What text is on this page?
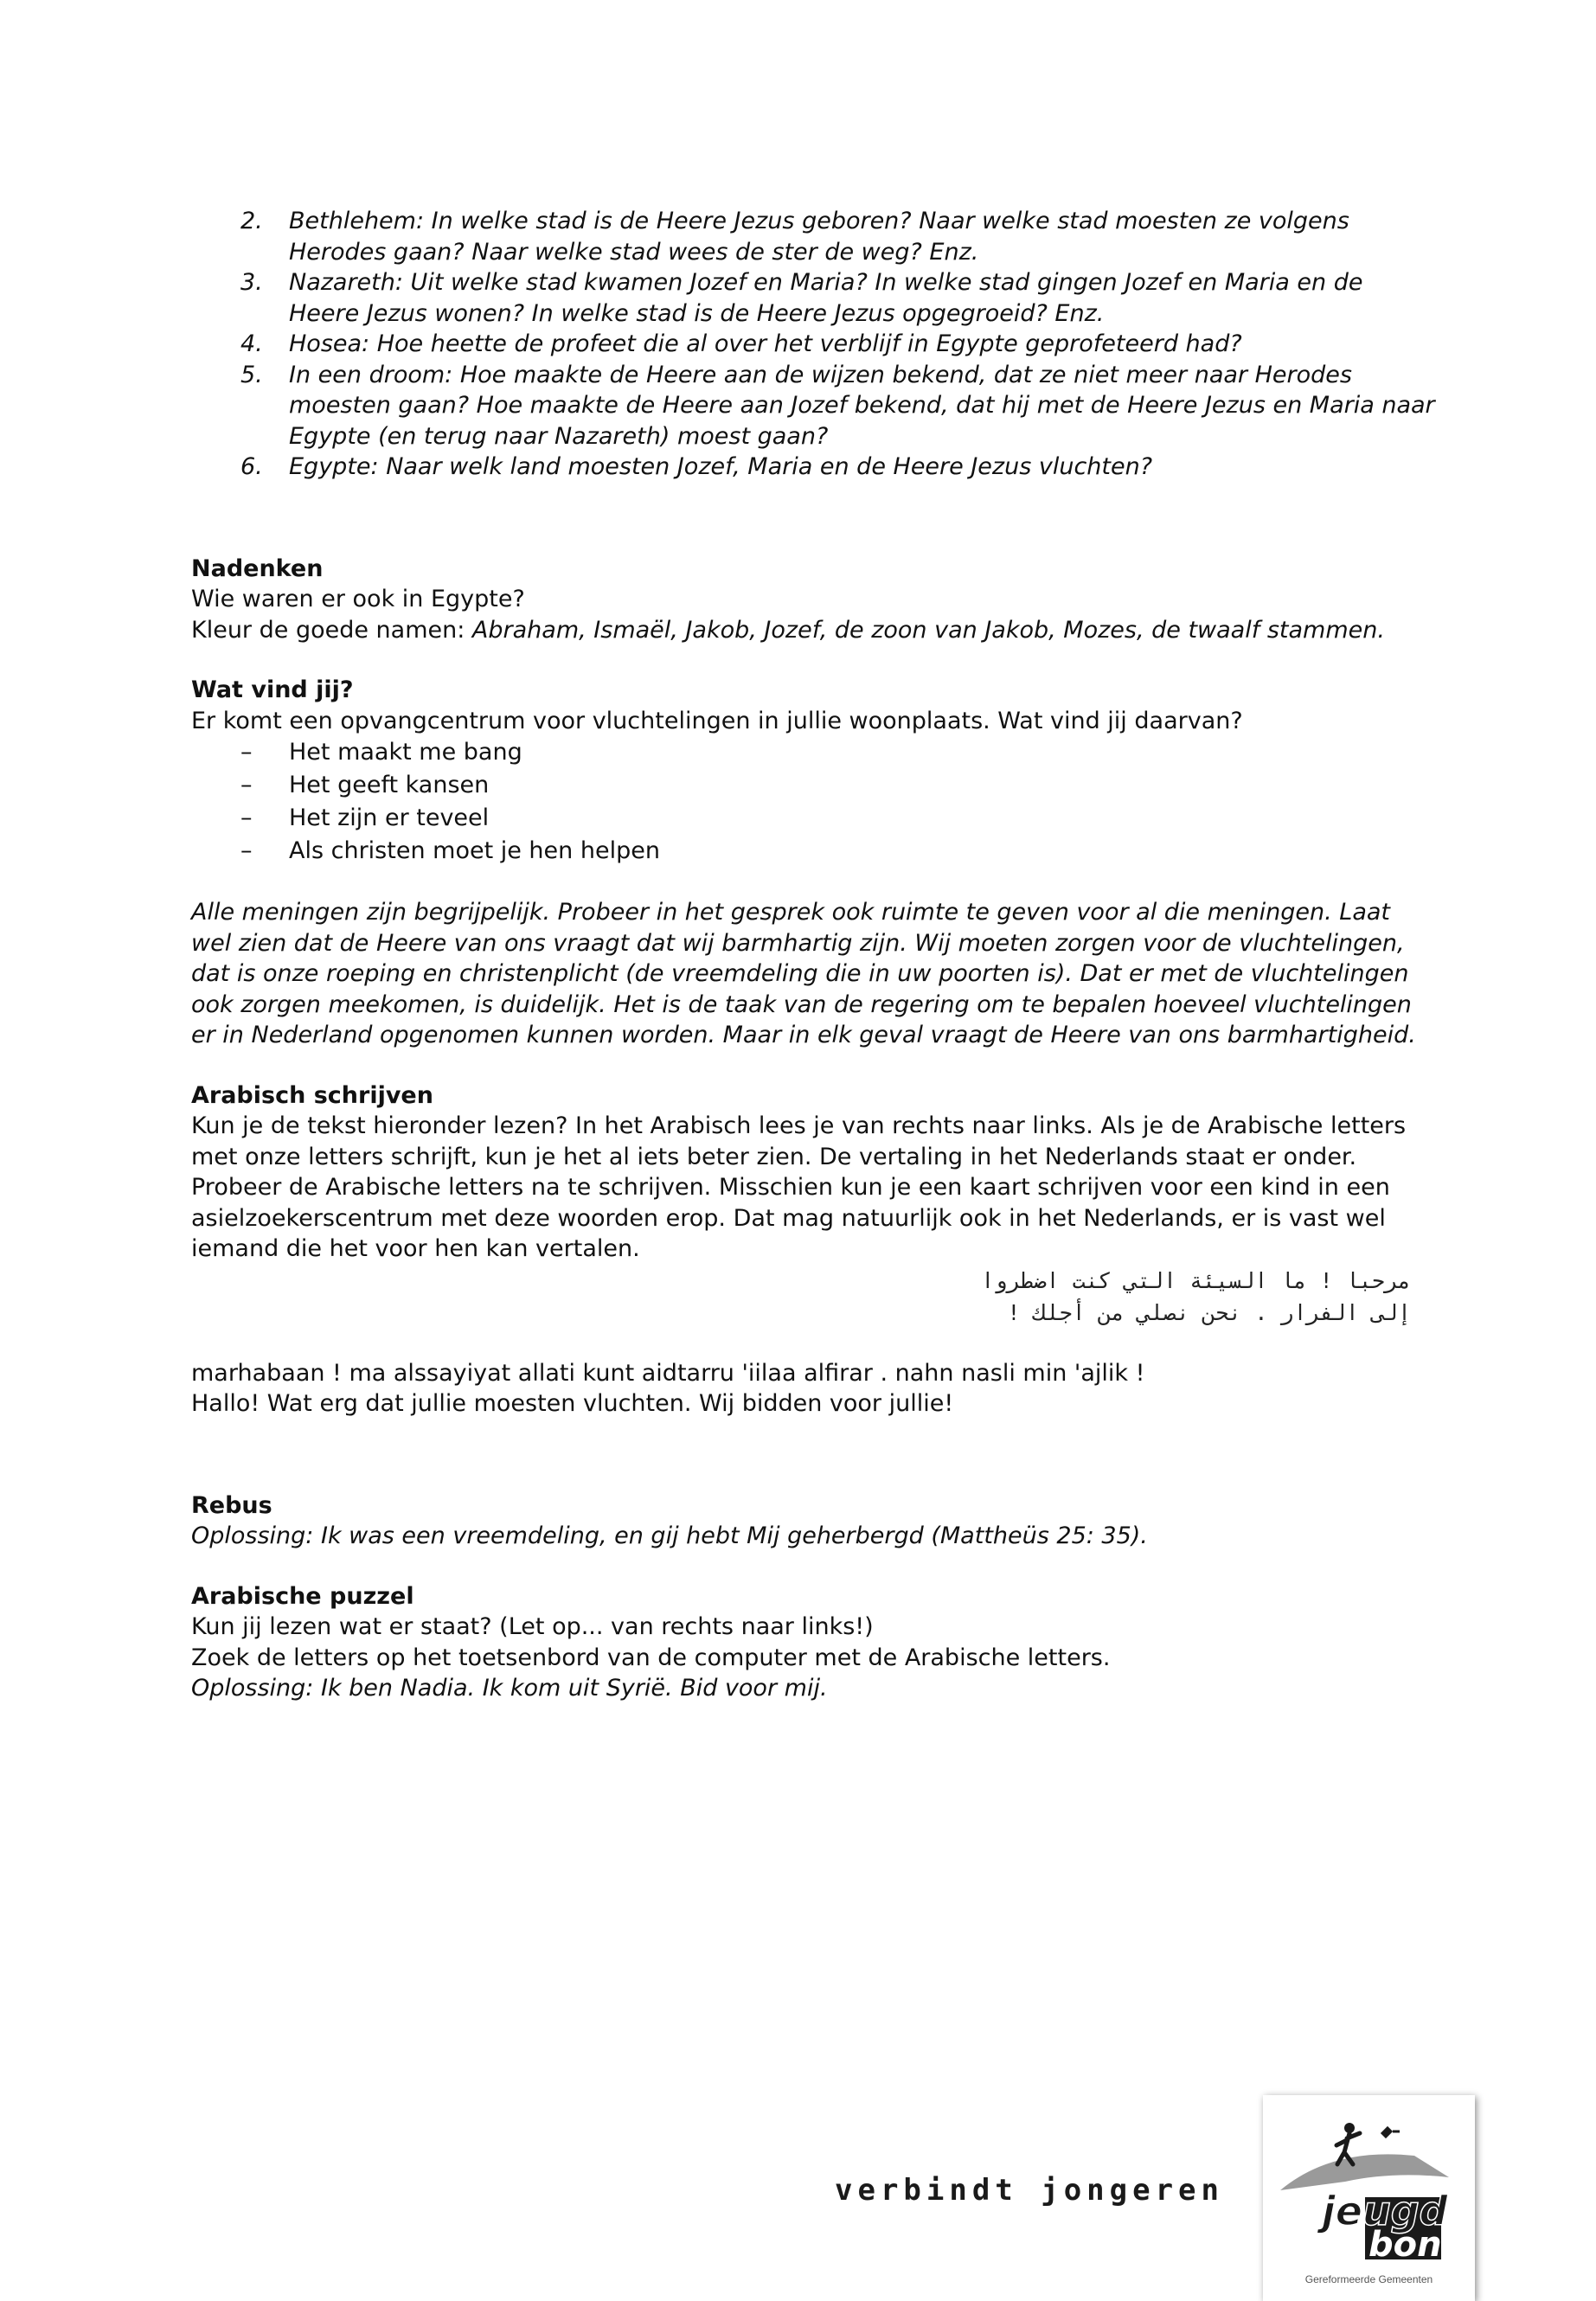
2. Bethlehem: In welke stad is de Heere Jezus geboren? Naar welke stad moesten ze volgens Herodes gaan? Naar welke stad wees de ster de weg? Enz.
3. Nazareth: Uit welke stad kwamen Jozef en Maria? In welke stad gingen Jozef en Maria en de Heere Jezus wonen? In welke stad is de Heere Jezus opgegroeid? Enz.
4. Hosea: Hoe heette de profeet die al over het verblijf in Egypte geprofeteerd had?
5. In een droom: Hoe maakte de Heere aan de wijzen bekend, dat ze niet meer naar Herodes moesten gaan? Hoe maakte de Heere aan Jozef bekend, dat hij met de Heere Jezus en Maria naar Egypte (en terug naar Nazareth) moest gaan?
6. Egypte: Naar welk land moesten Jozef, Maria en de Heere Jezus vluchten?
Nadenken
Wie waren er ook in Egypte?
Kleur de goede namen: Abraham, Ismaël, Jakob, Jozef, de zoon van Jakob, Mozes, de twaalf stammen.
Wat vind jij?
Er komt een opvangcentrum voor vluchtelingen in jullie woonplaats. Wat vind jij daarvan?
– Het maakt me bang
– Het geeft kansen
– Het zijn er teveel
– Als christen moet je hen helpen
Alle meningen zijn begrijpelijk. Probeer in het gesprek ook ruimte te geven voor al die meningen. Laat wel zien dat de Heere van ons vraagt dat wij barmhartig zijn. Wij moeten zorgen voor de vluchtelingen, dat is onze roeping en christenplicht (de vreemdeling die in uw poorten is). Dat er met de vluchtelingen ook zorgen meekomen, is duidelijk. Het is de taak van de regering om te bepalen hoeveel vluchtelingen er in Nederland opgenomen kunnen worden. Maar in elk geval vraagt de Heere van ons barmhartigheid.
Arabisch schrijven
Kun je de tekst hieronder lezen? In het Arabisch lees je van rechts naar links. Als je de Arabische letters met onze letters schrijft, kun je het al iets beter zien. De vertaling in het Nederlands staat er onder. Probeer de Arabische letters na te schrijven. Misschien kun je een kaart schrijven voor een kind in een asielzoekerscentrum met deze woorden erop. Dat mag natuurlijk ook in het Nederlands, er is vast wel iemand die het voor hen kan vertalen.
مرحبا ! ما السيئة التي كنت اضطروا
إلى الفرار . نحن نصلي من أجلك !
marhabaan ! ma alssayiyat allati kunt aidtarru 'iilaa alfirar . nahn nasli min 'ajlik !
Hallo! Wat erg dat jullie moesten vluchten. Wij bidden voor jullie!
Rebus
Oplossing: Ik was een vreemdeling, en gij hebt Mij geherbergd (Mattheüs 25: 35).
Arabische puzzel
Kun jij lezen wat er staat? (Let op... van rechts naar links!)
Zoek de letters op het toetsenbord van de computer met de Arabische letters.
Oplossing: Ik ben Nadia. Ik kom uit Syrië. Bid voor mij.
verbindt jongeren jeugd
bond
Gereformeerde Gemeenten
